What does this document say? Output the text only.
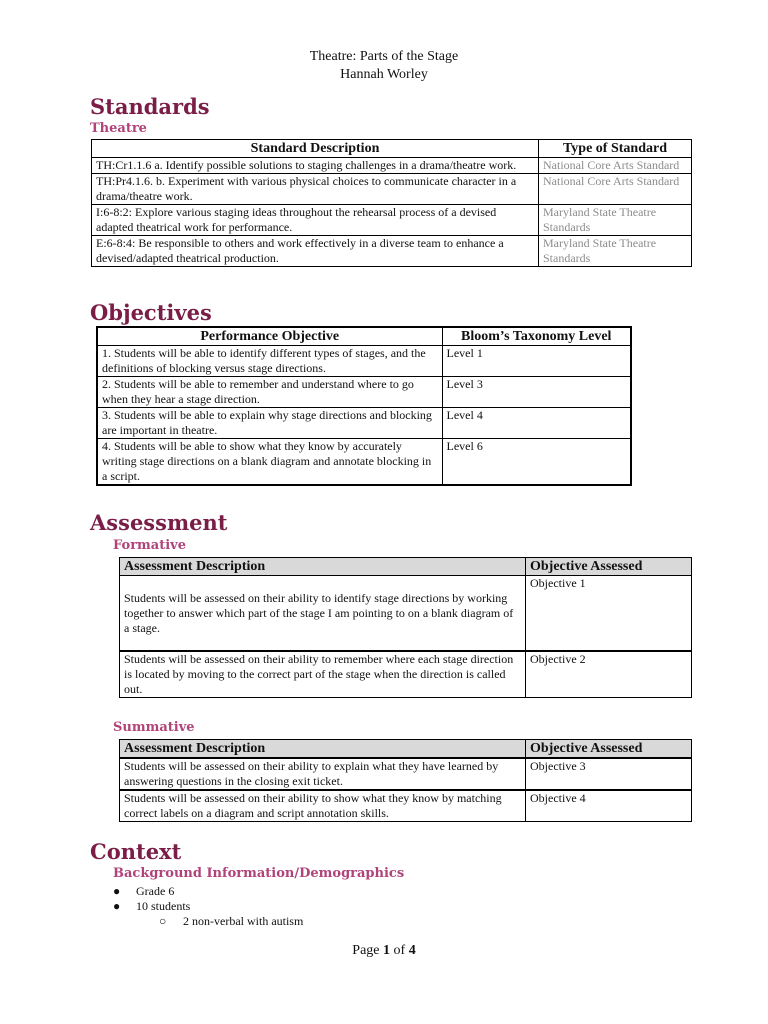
Theatre: Parts of the Stage
Hannah Worley
Standards
Theatre
Standard Description	Type of Standard
TH:Cr1.1.6 a. Identify possible solutions to staging challenges in a drama/theatre work.	National Core Arts Standard
TH:Pr4.1.6. b. Experiment with various physical choices to communicate character in a drama/theatre work.	National Core Arts Standard
I:6-8:2: Explore various staging ideas throughout the rehearsal process of a devised adapted theatrical work for performance.	Maryland State Theatre Standards
E:6-8:4: Be responsible to others and work effectively in a diverse team to enhance a devised/adapted theatrical production.	Maryland State Theatre Standards
Objectives
Performance Objective	Bloom’s Taxonomy Level
1. Students will be able to identify different types of stages, and the definitions of blocking versus stage directions.	Level 1
2. Students will be able to remember and understand where to go when they hear a stage direction.	Level 3
3. Students will be able to explain why stage directions and blocking are important in theatre.	Level 4
4. Students will be able to show what they know by accurately writing stage directions on a blank diagram and annotate blocking in a script.	Level 6
Assessment
Formative
Assessment Description	Objective Assessed
Students will be assessed on their ability to identify stage directions by working together to answer which part of the stage I am pointing to on a blank diagram of a stage.	Objective 1
Students will be assessed on their ability to remember where each stage direction is located by moving to the correct part of the stage when the direction is called out.	Objective 2
Summative
Assessment Description	Objective Assessed
Students will be assessed on their ability to explain what they have learned by answering questions in the closing exit ticket.	Objective 3
Students will be assessed on their ability to show what they know by matching correct labels on a diagram and script annotation skills.	Objective 4
Context
Background Information/Demographics
● Grade 6
● 10 students
○ 2 non-verbal with autism
Page 1 of 4
